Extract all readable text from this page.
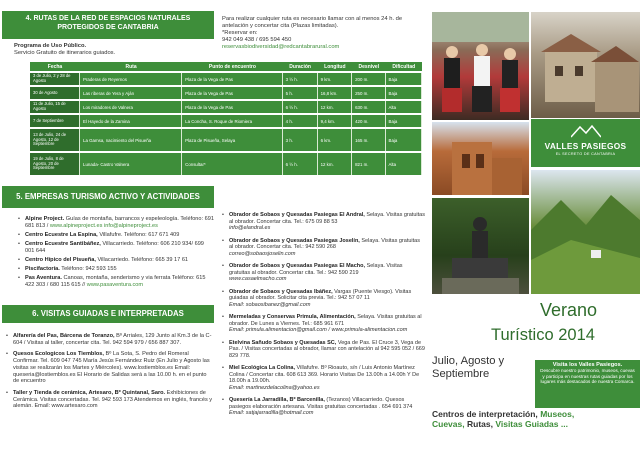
4. RUTAS DE LA RED DE ESPACIOS NATURALES
PROTEGIDOS DE CANTABRIA
Programa de Uso Público.
Servicio Gratuito de itinerarios guiados.
Fecha	Ruta	Punto de encuentro	Duración	Longitud	Desnivel	Dificultad
3 de Julio, 2 y 28 de Agosto	Praderas de Reyernos	Plaza de la Vega de Pas	3 ½ h.	9 km.	200 m.	Baja
30 de Agosto	Las riberas de Yera y Aján	Plaza de la Vega de Pas	5 h.	16,8 km.	250 m.	Baja
11 de Julio, 15 de Agosto	Los miradores de Valnera	Plaza de la Vega de Pas	6 ½ h.	12 km.	630 m.	Alta
7 de Septiembre	El Hayedo de la Zamina	La Concha, S. Roque de Riomiera	4 h.	9,4 km.	420 m.	Baja
13 de Julio, 24 de Agosto, 12 de Septiembre	La Gamsa, nacimiento del Pisueña	Plaza de Pisueña, Selaya	3 h.	6 km.	165 m.	Baja
19 de Julio, 8 de Agosto, 20 de Septiembre	Lunada- Castro Valnera	Consultar*	6 ½ h.	12 km.	821 m.	Alta
5. EMPRESAS TURISMO ACTIVO Y ACTIVIDADES
• Alpine Project. Guías de montaña, barrancos y espeleología. Teléfono: 691 681 813 / www.alpineproject.es info@alpineproject.es
• Centro Ecuestre La Espina, Villafufre. Teléfono: 617 671 409
• Centro Ecuestre Santibáñez, Villacarriedo. Teléfono: 606 210 934/ 699 001 644
• Centro Hípico del Pisueña, Villacarriedo. Teléfono: 665 39 17 61
• Piscifactoría. Teléfono: 942 593 155
• Pas Aventura. Canoas, montaña, senderismo y via ferrata Teléfono: 615 422 303 / 680 115 615 // www.pasaventura.com
6. VISITAS GUIADAS E INTERPRETADAS
• Alfarería del Pas, Bárcena de Toranzo, Bº Arriales, 129 Junto al Km.3 de la C-604 / Visitas al taller, concertar cita. Tel. 942 594 979 / 656 887 307.
• Quesos Ecologicos Los Tiemblos, Bº La Sota, S. Pedro del Romeral Confirmar. Tel. 609 047 745 María Jesús Fernández Ruiz (En Julio y Agosto las visitas se realizarán los Martes y Miércoles). www.lostiemblos.es Email: queseria@lostiemblos.es El Horario de Salidas será a las 10.00 h. en el punto de encuentro
• Taller y Tienda de cerámica, Artesaro, Bº Quintanal, Saro. Exhibiciones de Cerámica. Visitas concertadas. Tel. 942 593 173 Atendemos en inglés, francés y alemán. Email: www.artesaro.com
Para realizar cualquier ruta es necesario llamar con al menos 24 h. de antelación y concertar cita (Plazas limitadas).
*Reservar en:
942 049 438 / 695 594 450
reservasbiodiversidad@redcantabrarural.com
• Obrador de Sobaos y Quesadas Pasiegas El Andral, Selaya. Visitas gratuitas al obrador. Concertar cita. Tel.: 675 09 88 53
info@elandral.es
• Obrador de Sobaos y Quesadas Pasiegas Joselín, Selaya. Visitas gratuitas al obrador. Concertar cita. Tel.: 942 590 268
correo@sobaosjoselin.com
• Obrador de Sobaos y Quesadas Pasiegas El Macho, Selaya. Visitas gratuitas al obrador. Concertar cita. Tel.: 942 590 219
www.casaelmacho.com
• Obrador de Sobaos y Quesadas Ibáñez, Vargas (Puente Viesgo). Visitas guiadas al obrador. Solicitar cita previa. Tel.: 942 57 07 11
Email: sobaosibanez@gmail.com
• Mermeladas y Conservas Primula, Alimentación, Selaya. Visitas gratuitas al obrador. De Lunes a Viernes. Tel.: 685 961 671
Email: primula.alimentacion@gmail.com / www.primula-alimentacion.com
• Etelvina Sañudo Sobaos y Quesadas SC, Vega de Pas. El Cruce 3, Vega de Pas. / Visitas concertadas al obrador, llamar con antelación al 942 595 052 / 669 829 778.
• Miel Ecológica La Colina, Villafufre. Bº Rioauto, s/n / Luis Antonio Martínez Colina / Concertar cita. 608 613 369. Horario Visitas De 13.00h a 14.00h Y De 18.00h a 19.00h.
Email: martinezdelacolina@yahoo.es
• Quesería La Jarradilla, Bº Barcenilla, (Tezanos) Villacarriedo. Quesos pasiegos elaboración artesana. Visitas gratuitas concertadas . 654 691 374
Email: satjajarradilla@hotmail.com
VALLES PASIEGOS
EL SECRETO DE CANTABRIA
Verano
Turístico 2014
Julio, Agosto y Septiembre
Visita los Valles Pasiegos.
Descubre nuestro patrimonio, museos, cuevas y participa en nuestras rutas guiadas por los lugares más destacados de nuestra Comarca.
Centros de interpretación, Museos,
Cuevas, Rutas, Visitas Guiadas ...
